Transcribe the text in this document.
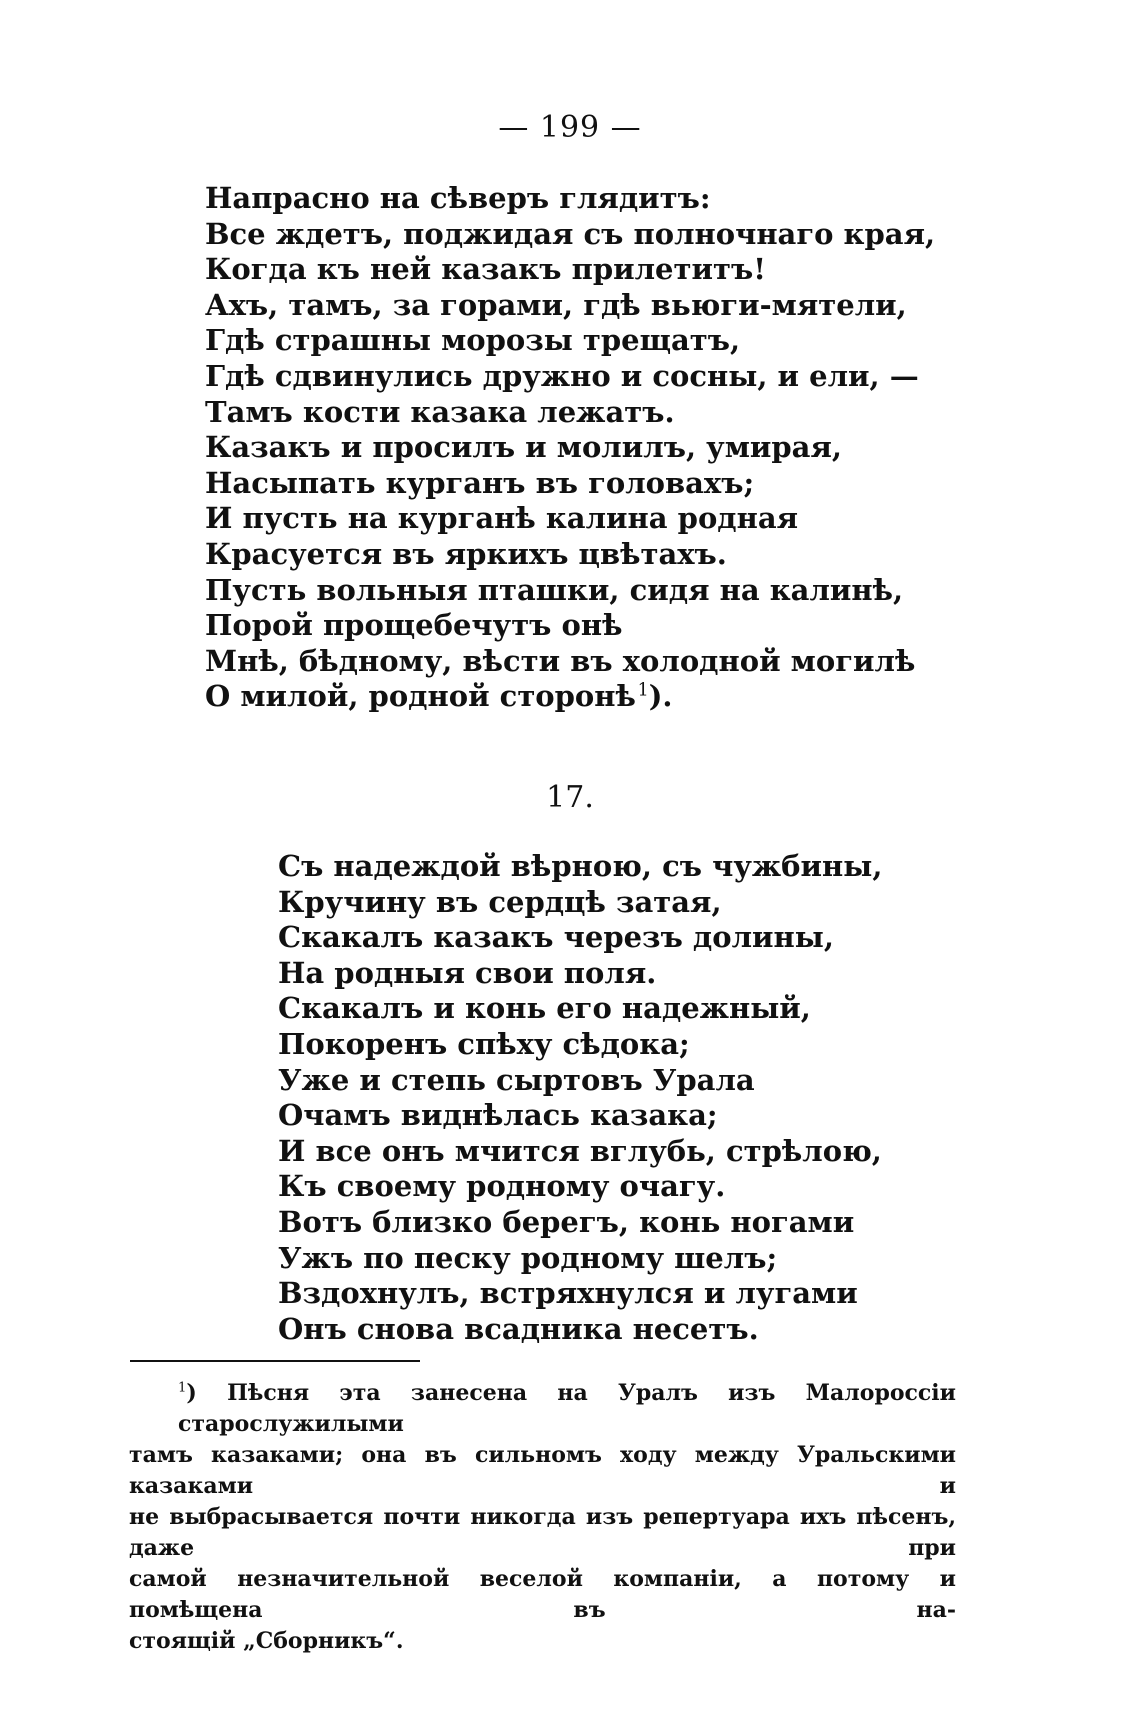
— 199 —
Напрасно на сѣверъ глядитъ:
Все ждетъ, поджидая съ полночнаго края,
Когда къ ней казакъ прилетитъ!
Ахъ, тамъ, за горами, гдѣ вьюги-мятели,
Гдѣ страшны морозы трещатъ,
Гдѣ сдвинулись дружно и сосны, и ели, —
Тамъ кости казака лежатъ.
Казакъ и просилъ и молилъ, умирая,
Насыпать курганъ въ головахъ;
И пусть на курганѣ калина родная
Красуется въ яркихъ цвѣтахъ.
Пусть вольныя пташки, сидя на калинѣ,
Порой прощебечутъ онѣ
Мнѣ, бѣдному, вѣсти въ холодной могилѣ
О милой, родной сторонѣ $^1$).
17.
Съ надеждой вѣрною, съ чужбины,
Кручину въ сердцѣ затая,
Скакалъ казакъ черезъ долины,
На родныя свои поля.
Скакалъ и конь его надежный,
Покоренъ спѣху сѣдока;
Уже и степь сыртовъ Урала
Очамъ виднѣлась казака;
И все онъ мчится вглубь, стрѣлою,
Къ своему родному очагу.
Вотъ близко берегъ, конь ногами
Ужъ по песку родному шелъ;
Вздохнулъ, встряхнулся и лугами
Онъ снова всадника несетъ.
$^1$) Пѣсня эта занесена на Уралъ изъ Малороссіи старослужилыми
тамъ казаками; она въ сильномъ ходу между Уральскими казаками и
не выбрасывается почти никогда изъ репертуара ихъ пѣсенъ, даже при
самой незначительной веселой компаніи, а потому и помѣщена въ на-
стоящій „Сборникъ“.
